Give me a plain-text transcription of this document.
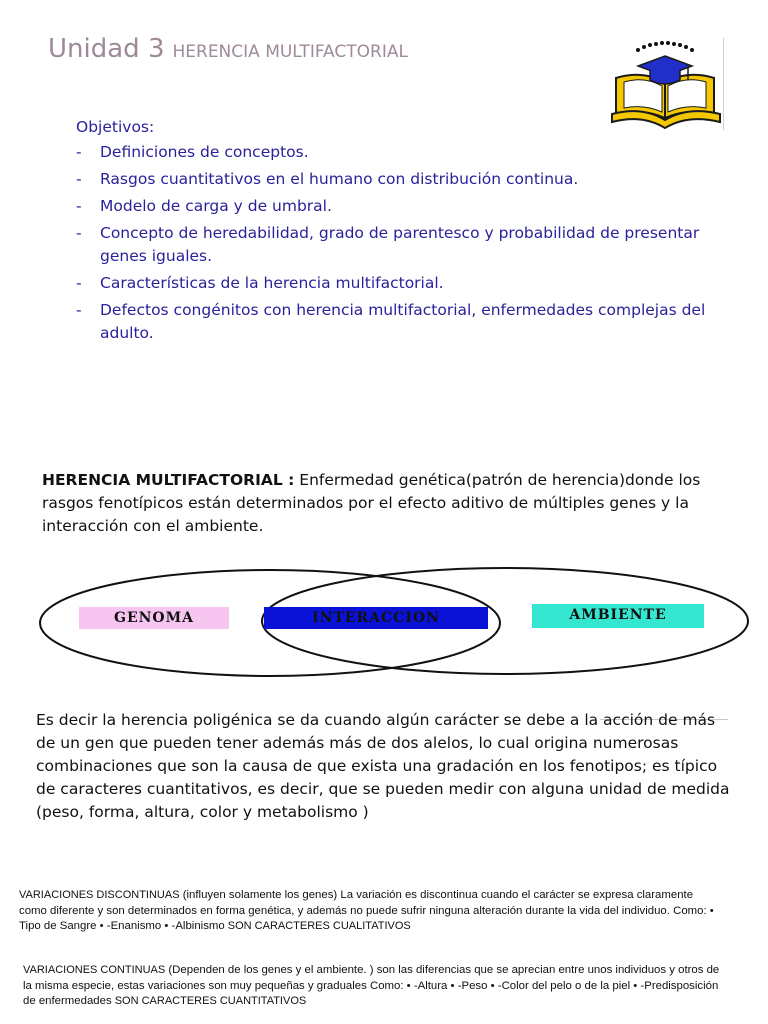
Unidad 3 HERENCIA MULTIFACTORIAL

Objetivos:

- Definiciones de conceptos.
- Rasgos cuantitativos en el humano con distribución continua.
- Modelo de carga y de umbral.
- Concepto de heredabilidad, grado de parentesco y probabilidad de presentar genes iguales.
- Características de la herencia multifactorial.
- Defectos congénitos con herencia multifactorial, enfermedades complejas del adulto.
HERENCIA MULTIFACTORIAL : Enfermedad genética(patrón de herencia)donde los rasgos fenotípicos están determinados por el efecto aditivo de múltiples genes y la interacción con el ambiente.
GENOMA	INTERACCION	AMBIENTE
Es decir la herencia poligénica se da cuando algún carácter se debe a la acción de más de un gen que pueden tener además más de dos alelos, lo cual origina numerosas combinaciones que son la causa de que exista una gradación en los fenotipos; es típico de caracteres cuantitativos, es decir, que se pueden medir con alguna unidad de medida (peso, forma, altura, color y metabolismo )
VARIACIONES DISCONTINUAS (influyen solamente los genes) La variación es discontinua cuando el carácter se expresa claramente como diferente y son determinados en forma genética, y además no puede sufrir ninguna alteración durante la vida del individuo. Como: • Tipo de Sangre • -Enanismo • -Albinismo SON CARACTERES CUALITATIVOS
VARIACIONES CONTINUAS (Dependen de los genes y el ambiente. ) son las diferencias que se aprecian entre unos individuos y otros de la misma especie, estas variaciones son muy pequeñas y graduales Como: • -Altura • -Peso • -Color del pelo o de la piel • -Predisposición de enfermedades SON CARACTERES CUANTITATIVOS
